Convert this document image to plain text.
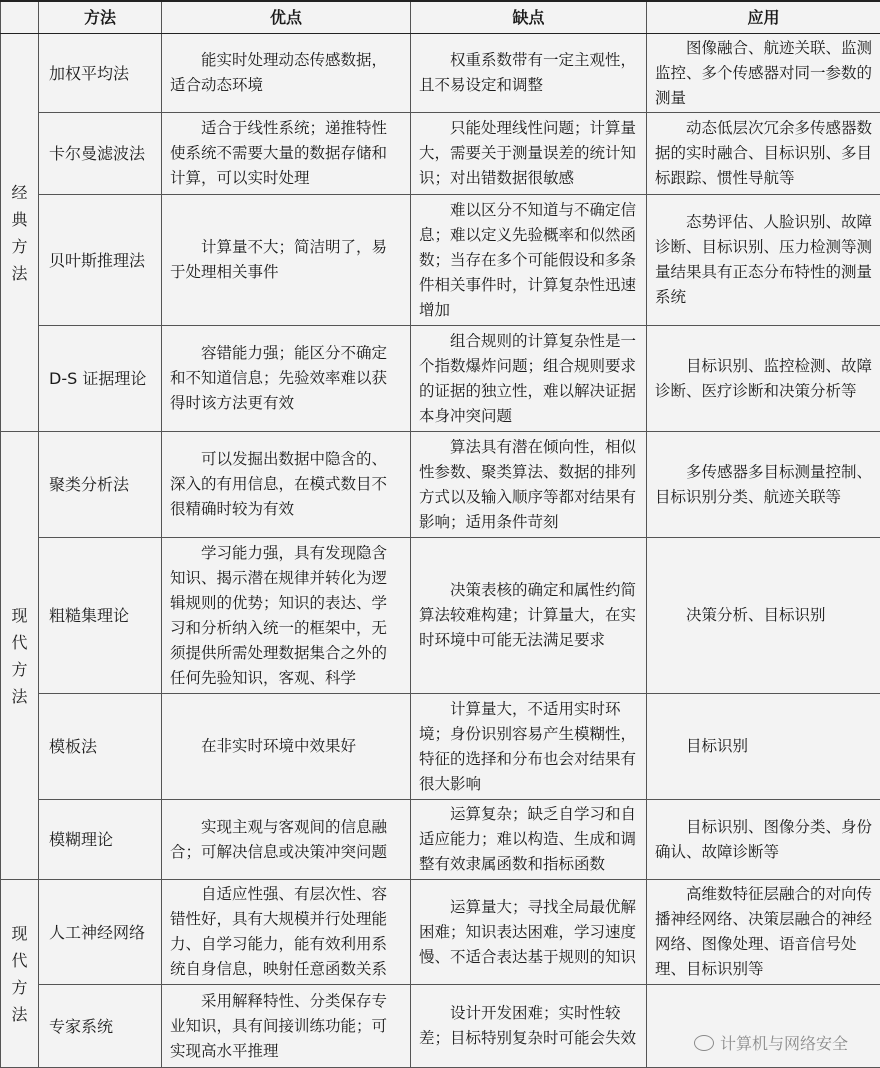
	方法	优点	缺点	应用
经典方法	加权平均法	能实时处理动态传感数据，适合动态环境	权重系数带有一定主观性，且不易设定和调整	图像融合、航迹关联、监测监控、多个传感器对同一参数的测量
	卡尔曼滤波法	适合于线性系统；递推特性使系统不需要大量的数据存储和计算，可以实时处理	只能处理线性问题；计算量大，需要关于测量误差的统计知识；对出错数据很敏感	动态低层次冗余多传感器数据的实时融合、目标识别、多目标跟踪、惯性导航等
	贝叶斯推理法	计算量不大；简洁明了，易于处理相关事件	难以区分不知道与不确定信息；难以定义先验概率和似然函数；当存在多个可能假设和多条件相关事件时，计算复杂性迅速增加	态势评估、人脸识别、故障诊断、目标识别、压力检测等测量结果具有正态分布特性的测量系统
	D-S 证据理论	容错能力强；能区分不确定和不知道信息；先验效率难以获得时该方法更有效	组合规则的计算复杂性是一个指数爆炸问题；组合规则要求的证据的独立性，难以解决证据本身冲突问题	目标识别、监控检测、故障诊断、医疗诊断和决策分析等
现代方法	聚类分析法	可以发掘出数据中隐含的、深入的有用信息，在模式数目不很精确时较为有效	算法具有潜在倾向性，相似性参数、聚类算法、数据的排列方式以及输入顺序等都对结果有影响；适用条件苛刻	多传感器多目标测量控制、目标识别分类、航迹关联等
	粗糙集理论	学习能力强，具有发现隐含知识、揭示潜在规律并转化为逻辑规则的优势；知识的表达、学习和分析纳入统一的框架中，无须提供所需处理数据集合之外的任何先验知识，客观、科学	决策表核的确定和属性约简算法较难构建；计算量大，在实时环境中可能无法满足要求	决策分析、目标识别
	模板法	在非实时环境中效果好	计算量大，不适用实时环境；身份识别容易产生模糊性，特征的选择和分布也会对结果有很大影响	目标识别
	模糊理论	实现主观与客观间的信息融合；可解决信息或决策冲突问题	运算复杂；缺乏自学习和自适应能力；难以构造、生成和调整有效隶属函数和指标函数	目标识别、图像分类、身份确认、故障诊断等
现代方法	人工神经网络	自适应性强、有层次性、容错性好，具有大规模并行处理能力、自学习能力，能有效利用系统自身信息，映射任意函数关系	运算量大；寻找全局最优解困难；知识表达困难，学习速度慢、不适合表达基于规则的知识	高维数特征层融合的对向传播神经网络、决策层融合的神经网络、图像处理、语音信号处理、目标识别等
	专家系统	采用解释特性、分类保存专业知识，具有间接训练功能；可实现高水平推理	设计开发困难；实时性较差；目标特别复杂时可能会失效		计算机与网络安全
